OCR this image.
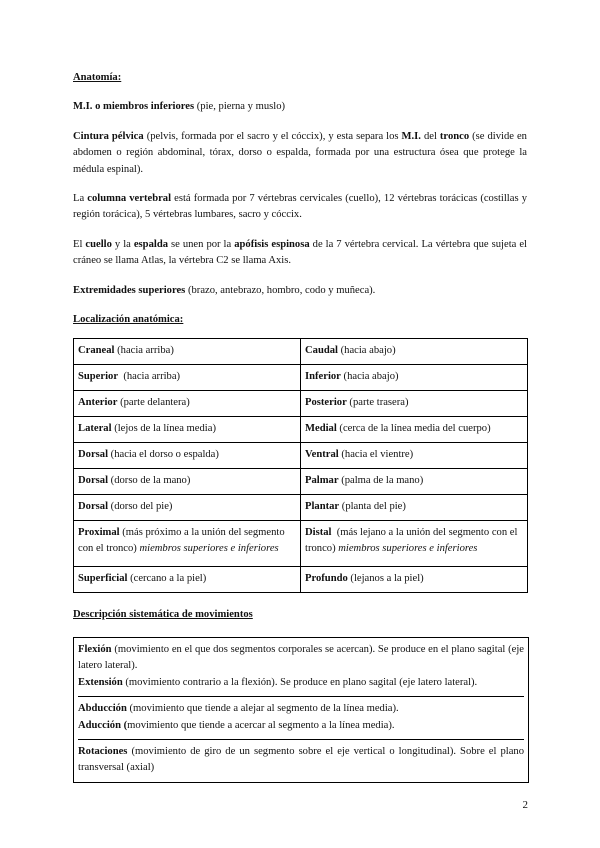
Anatomía:

M.I. o miembros inferiores (pie, pierna y muslo)

Cintura pélvica (pelvis, formada por el sacro y el cóccix), y esta separa los M.I. del tronco (se divide en abdomen o región abdominal, tórax, dorso o espalda, formada por una estructura ósea que protege la médula espinal).

La columna vertebral está formada por 7 vértebras cervicales (cuello), 12 vértebras torácicas (costillas y región torácica), 5 vértebras lumbares, sacro y cóccix.

El cuello y la espalda se unen por la apófisis espinosa de la 7 vértebra cervical. La vértebra que sujeta el cráneo se llama Atlas, la vértebra C2 se llama Axis.

Extremidades superiores (brazo, antebrazo, hombro, codo y muñeca).

Localización anatómica:

Craneal (hacia arriba)	Caudal (hacia abajo)
Superior  (hacia arriba)	Inferior (hacia abajo)
Anterior (parte delantera)	Posterior (parte trasera)
Lateral (lejos de la línea media)	Medial (cerca de la línea media del cuerpo)
Dorsal (hacia el dorso o espalda)	Ventral (hacia el vientre)
Dorsal (dorso de la mano)	Palmar (palma de la mano)
Dorsal (dorso del pie)	Plantar (planta del pie)
Proximal (más próximo a la unión del segmento con el tronco) miembros superiores e inferiores	Distal  (más lejano a la unión del segmento con el tronco) miembros superiores e inferiores
Superficial (cercano a la piel)	Profundo (lejanos a la piel)

Descripción sistemática de movimientos

Flexión (movimiento en el que dos segmentos corporales se acercan). Se produce en el plano sagital (eje latero lateral).

Extensión (movimiento contrario a la flexión). Se produce en plano sagital (eje latero lateral).

Abducción (movimiento que tiende a alejar al segmento de la línea media).

Aducción (movimiento que tiende a acercar al segmento a la línea media).

Rotaciones (movimiento de giro de un segmento sobre el eje vertical o longitudinal). Sobre el plano transversal (axial)

2
